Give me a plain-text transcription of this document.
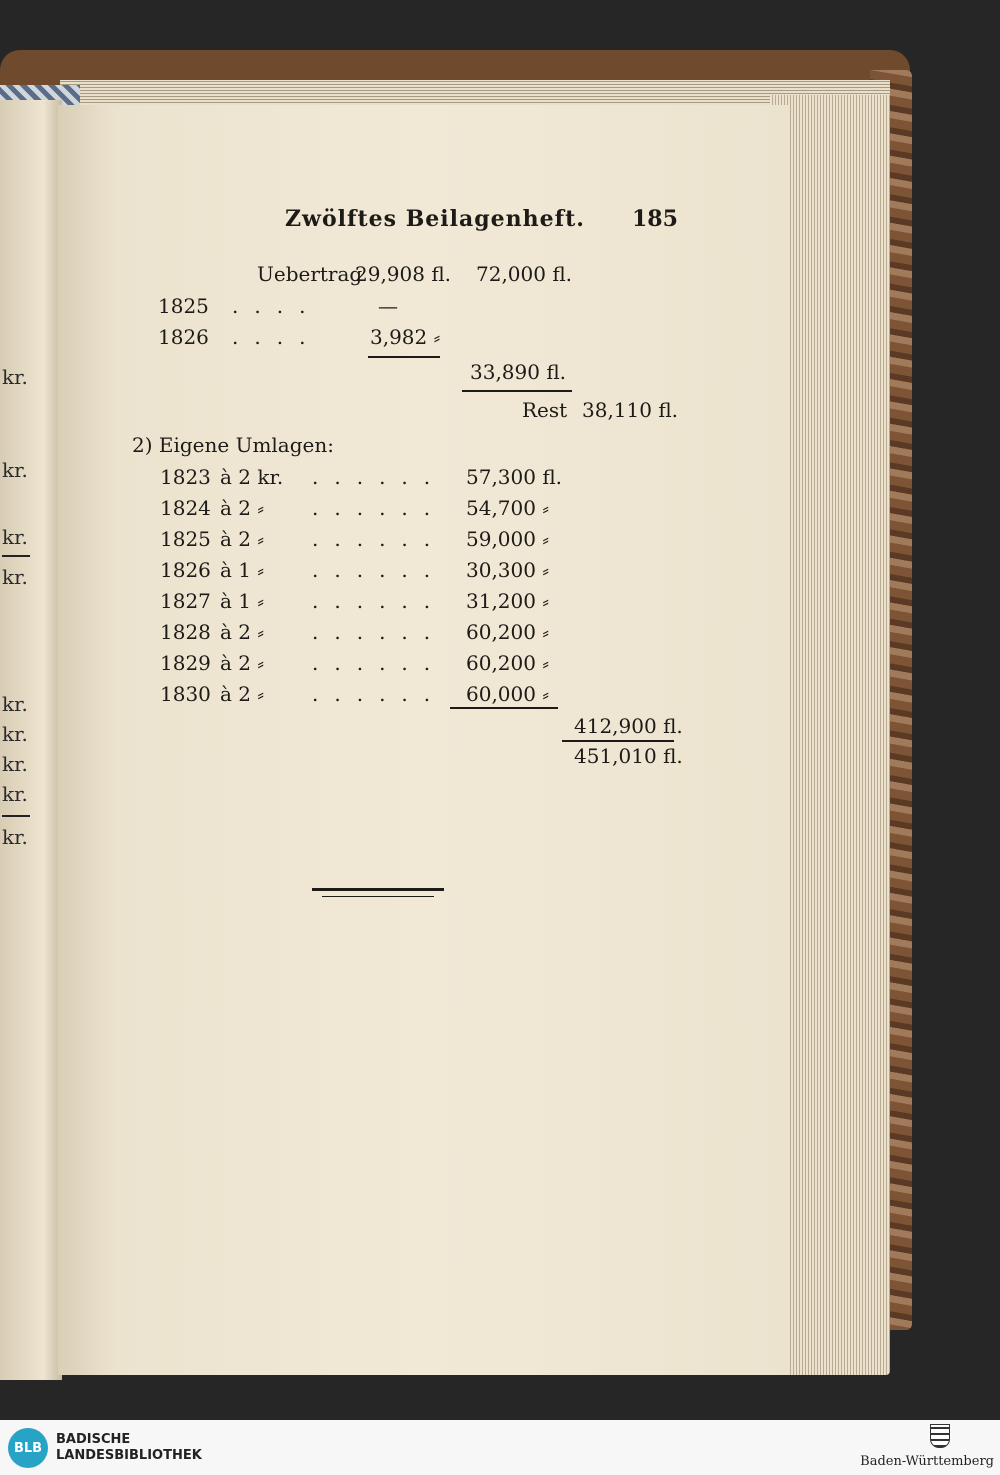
kr.
kr.
kr.
kr.
kr.
kr.
kr.
kr.
kr.
Zwölftes Beilagenheft. 185
Uebertrag
29,908 fl. 72,000 fl.
1825 ....	—
1826 .... 3,982 ⸗
33,890 fl.
Rest 38,110 fl.
2) Eigene Umlagen:
1823 à 2 kr. ...... 57,300 fl.
1824 à 2 ⸗ ...... 54,700 ⸗
1825 à 2 ⸗ ...... 59,000 ⸗
1826 à 1 ⸗ ...... 30,300 ⸗
1827 à 1 ⸗ ...... 31,200 ⸗
1828 à 2 ⸗ ...... 60,200 ⸗
1829 à 2 ⸗ ...... 60,200 ⸗
1830 à 2 ⸗ ...... 60,000 ⸗
412,900 fl.
451,010 fl.
BLB
BADISCHE
LANDESBIBLIOTHEK	Baden-Württemberg
